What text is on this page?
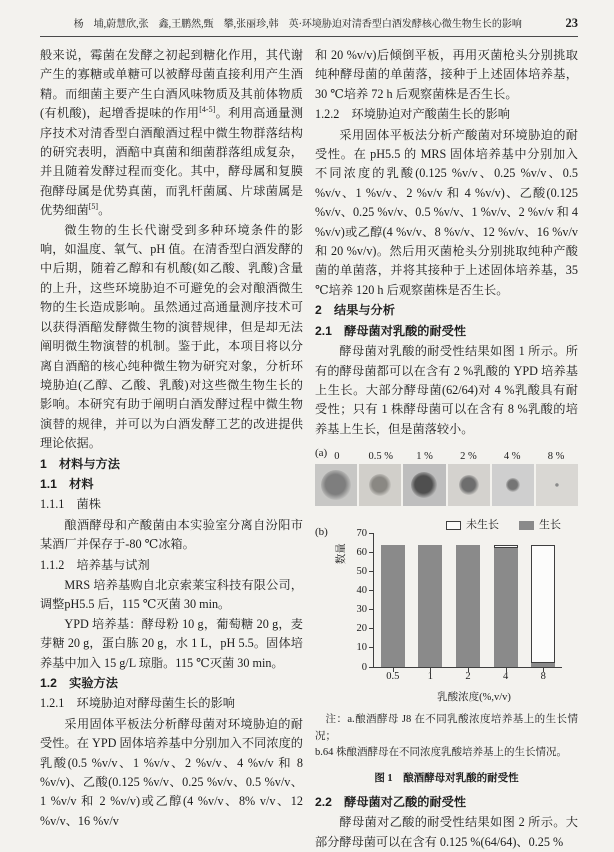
杨　埔,蔚慧欣,张　鑫,王鹏然,甄　攀,张丽珍,韩　英·环境胁迫对清香型白酒发酵核心微生物生长的影响	23

般来说，霉菌在发酵之初起到糖化作用，其代谢产生的寡糖或单糖可以被酵母菌直接利用产生酒精。而细菌主要产生白酒风味物质及其前体物质(有机酸)，起增香提味的作用[4-5]。利用高通量测序技术对清香型白酒酿酒过程中微生物群落结构的研究表明，酒醅中真菌和细菌群落组成复杂，并且随着发酵过程而变化。其中，酵母属和复膜孢酵母属是优势真菌，而乳杆菌属、片球菌属是优势细菌[5]。

微生物的生长代谢受到多种环境条件的影响，如温度、氧气、pH 值。在清香型白酒发酵的中后期，随着乙醇和有机酸(如乙酸、乳酸)含量的上升，这些环境胁迫不可避免的会对酿酒微生物的生长造成影响。虽然通过高通量测序技术可以获得酒醅发酵微生物的演替规律，但是却无法阐明微生物演替的机制。鉴于此，本项目将以分离自酒醅的核心纯种微生物为研究对象，分析环境胁迫(乙醇、乙酸、乳酸)对这些微生物生长的影响。本研究有助于阐明白酒发酵过程中微生物演替的规律，并可以为白酒发酵工艺的改进提供理论依据。

1　材料与方法

1.1　材料

1.1.1　菌株

酿酒酵母和产酸菌由本实验室分离自汾阳市某酒厂并保存于-80 ℃冰箱。

1.1.2　培养基与试剂

MRS 培养基购自北京索莱宝科技有限公司，调整pH5.5 后，115 ℃灭菌 30 min。

YPD 培养基：酵母粉 10 g，葡萄糖 20 g，麦芽糖 20 g，蛋白胨 20 g，水 1 L，pH 5.5。固体培养基中加入 15 g/L 琼脂。115 ℃灭菌 30 min。

1.2　实验方法

1.2.1　环境胁迫对酵母菌生长的影响

采用固体平板法分析酵母菌对环境胁迫的耐受性。在 YPD 固体培养基中分别加入不同浓度的乳酸(0.5 %v/v、1 %v/v、2 %v/v、4 %v/v 和 8 %v/v)、乙酸(0.125 %v/v、0.25 %v/v、0.5 %v/v、1 %v/v 和 2 %v/v)或乙醇(4 %v/v、8% v/v、12 %v/v、16 %v/v

和 20 %v/v)后倾倒平板，再用灭菌枪头分别挑取纯种酵母菌的单菌落，接种于上述固体培养基，30 ℃培养 72 h 后观察菌株是否生长。

1.2.2　环境胁迫对产酸菌生长的影响

采用固体平板法分析产酸菌对环境胁迫的耐受性。在 pH5.5 的 MRS 固体培养基中分别加入不同浓度的乳酸(0.125 %v/v、0.25 %v/v、0.5 %v/v、1 %v/v、2 %v/v 和 4 %v/v)、乙酸(0.125 %v/v、0.25 %v/v、0.5 %v/v、1 %v/v、2 %v/v 和 4 %v/v)或乙醇(4 %v/v、8 %v/v、12 %v/v、16 %v/v 和 20 %v/v)。然后用灭菌枪头分别挑取纯种产酸菌的单菌落，并将其接种于上述固体培养基，35 ℃培养 120 h 后观察菌株是否生长。

2　结果与分析

2.1　酵母菌对乳酸的耐受性

酵母菌对乳酸的耐受性结果如图 1 所示。所有的酵母菌都可以在含有 2 %乳酸的 YPD 培养基上生长。大部分酵母菌(62/64)对 4 %乳酸具有耐受性；只有 1 株酵母菌可以在含有 8 %乳酸的培养基上生长，但是菌落较小。

(a) 0	0.5 %	1 %	2 %	4 %	8 %
(b)
数量
未生长	生长
0
10
20
30
40
50
60
70
0.5	1	2	4	8
乳酸浓度(%,v/v)
注：a.酿酒酵母 J8 在不同乳酸浓度培养基上的生长情况；
b.64 株酿酒酵母在不同浓度乳酸培养基上的生长情况。
图 1　酿酒酵母对乳酸的耐受性

2.2　酵母菌对乙酸的耐受性

酵母菌对乙酸的耐受性结果如图 2 所示。大部分酵母菌可以在含有 0.125 %(64/64)、0.25 %
